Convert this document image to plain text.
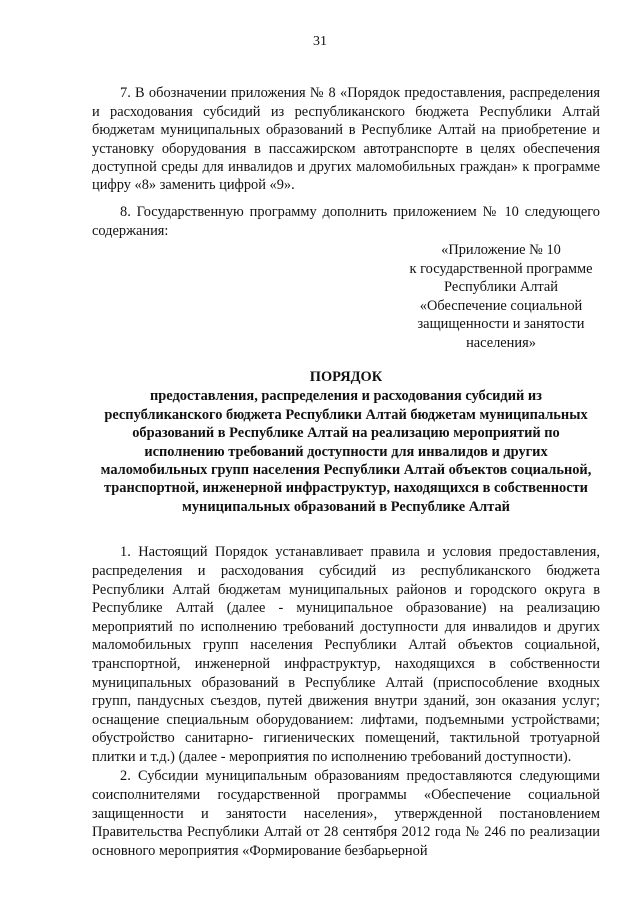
31

7. В обозначении приложения № 8 «Порядок предоставления, распределения и расходования субсидий из республиканского бюджета Республики Алтай бюджетам муниципальных образований в Республике Алтай на приобретение и установку оборудования в пассажирском автотранспорте в целях обеспечения доступной среды для инвалидов и других маломобильных граждан» к программе цифру «8» заменить цифрой «9».

8. Государственную программу дополнить приложением № 10 следующего содержания:

«Приложение № 10
к государственной программе
Республики Алтай
«Обеспечение социальной
защищенности и занятости
населения»
ПОРЯДОК
предоставления, распределения и расходования субсидий из республиканского бюджета Республики Алтай бюджетам муниципальных образований в Республике Алтай на реализацию мероприятий по исполнению требований доступности для инвалидов и других маломобильных групп населения Республики Алтай объектов социальной, транспортной, инженерной инфраструктур, находящихся в собственности муниципальных образований в Республике Алтай

1. Настоящий Порядок устанавливает правила и условия предоставления, распределения и расходования субсидий из республиканского бюджета Республики Алтай бюджетам муниципальных районов и городского округа в Республике Алтай (далее - муниципальное образование) на реализацию мероприятий по исполнению требований доступности для инвалидов и других маломобильных групп населения Республики Алтай объектов социальной, транспортной, инженерной инфраструктур, находящихся в собственности муниципальных образований в Республике Алтай (приспособление входных групп, пандусных съездов, путей движения внутри зданий, зон оказания услуг; оснащение специальным оборудованием: лифтами, подъемными устройствами; обустройство санитарно- гигиенических помещений, тактильной тротуарной плитки и т.д.) (далее - мероприятия по исполнению требований доступности).

2. Субсидии муниципальным образованиям предоставляются следующими соисполнителями государственной программы «Обеспечение социальной защищенности и занятости населения», утвержденной постановлением Правительства Республики Алтай от 28 сентября 2012 года № 246 по реализации основного мероприятия «Формирование безбарьерной
